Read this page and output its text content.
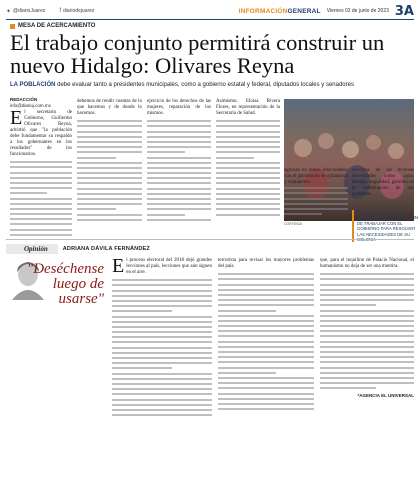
✦ @diarioJuarez f diariodejuarez	INFORMACIÓNGENERAL Viernes 02 de junio de 2023 3A
MESA DE ACERCAMIENTO
El trabajo conjunto permitirá construir un nuevo Hidalgo: Olivares Reyna
LA POBLACIÓN debe evaluar tanto a presidentes municipales, como a gobierno estatal y federal, diputados locales y senadores
REDACCIÓN
info@diarioj.com.mx
E l secretario de Gobierno, Guillermo Olivares Reyna, advirtió que "la población debe fundamentar su respaldo a los gobernantes en los resultados" de los funcionarios.
debemos de rendir cuentas de lo que hacemos y de donde lo hacemos.
ejercicio de los derechos de las mujeres, reparación de los mismos.
Asimismo, Eloisa Rivera Flores, en representación de la Secretaría de Salud.
CORTESÍA
agrarios en temas relacionados con el patrimonio de ejidatarios y comuneros.
VECINOS DE LA LOMA MANIFESTARON SU PETICIÓN DE TRABAJAR CON EL GOBIERNO PARA RESOLVER LAS NECESIDADES DE SU COLONIA
servicios de las diversas necesidades como agua, drenaje, seguridad, garantía en la continuación de sus gestiones.
Opinión	ADRIANA DÁVILA FERNÁNDEZ
"Deséchense luego de usarse"
E l proceso electoral del 2018 dejó grandes lecciones al país, lecciones que aún siguen en el aire.
terrorista para revisar los mayores problemas del país.
que, para el inquilino de Palacio Nacional, el humanismo no deja de ser una mentira.
*AGENCIA EL UNIVERSAL
